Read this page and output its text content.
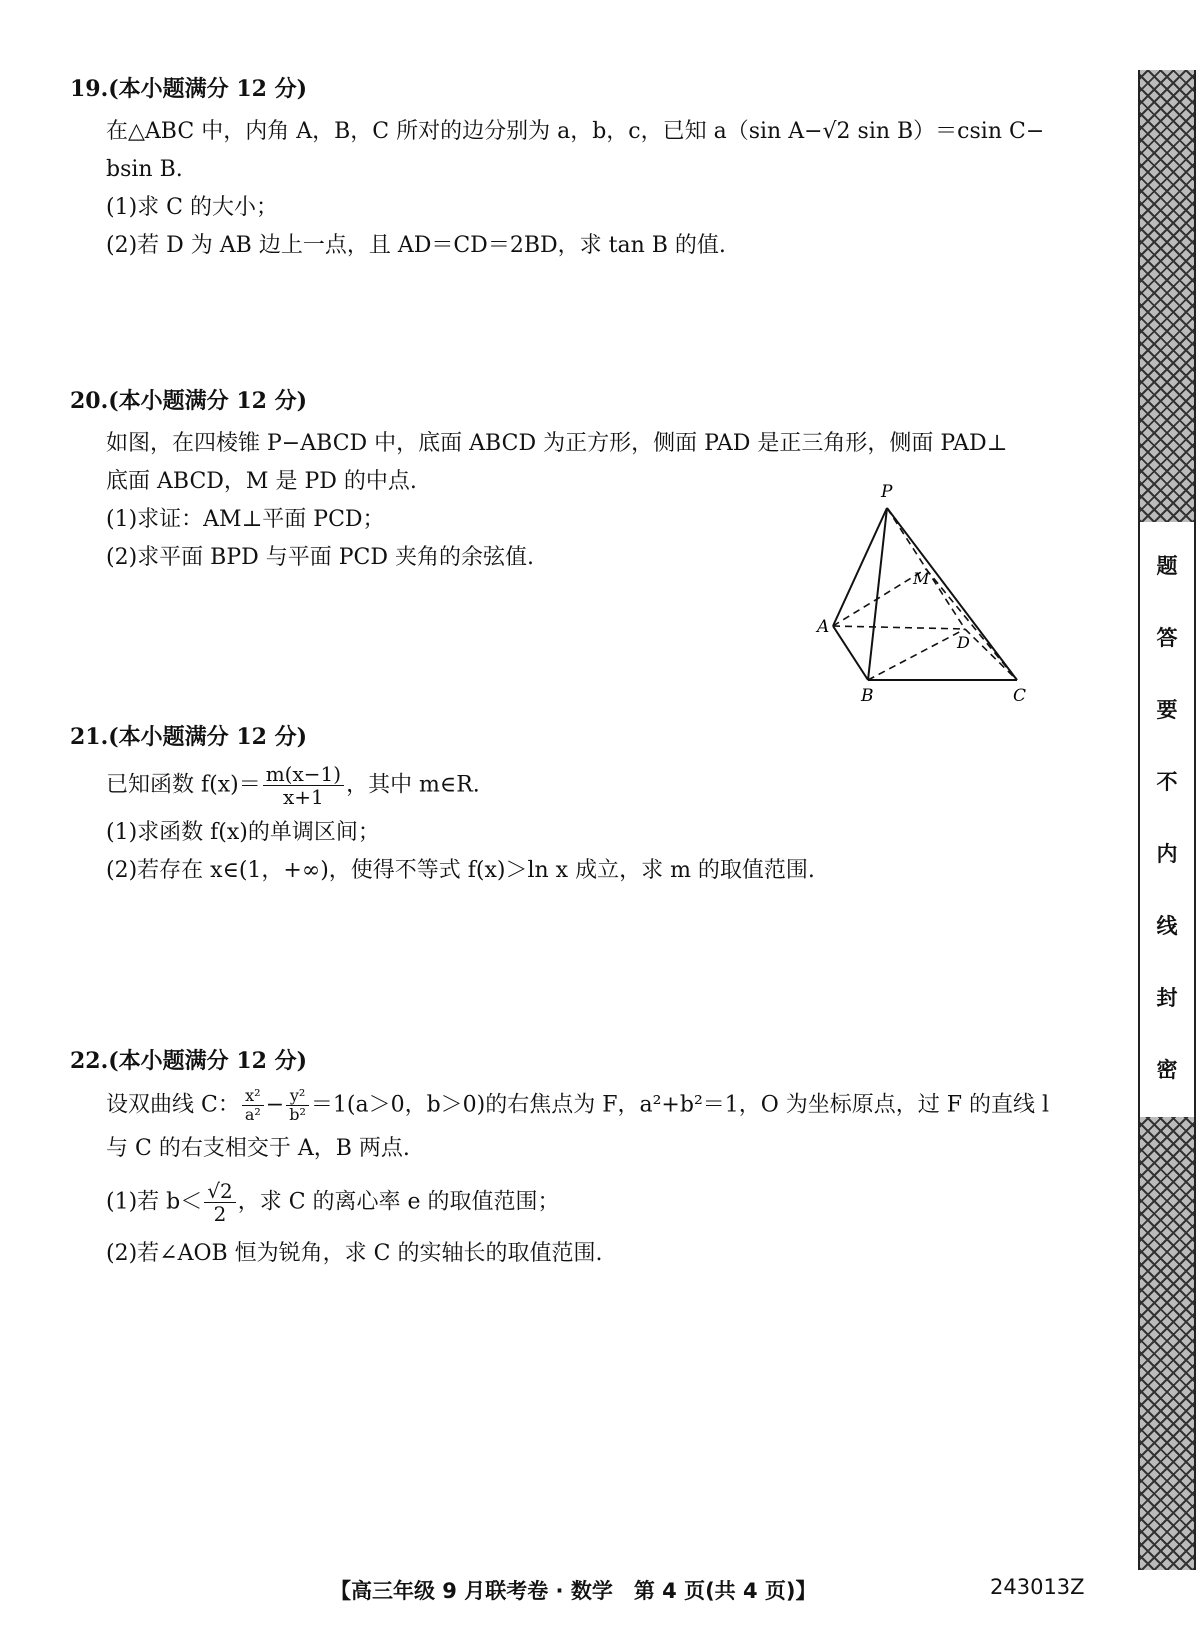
19.(本小题满分 12 分)
在△ABC 中，内角 A，B，C 所对的边分别为 a，b，c，已知 a（sin A−√2 sin B）＝csin C−
bsin B.
(1)求 C 的大小；
(2)若 D 为 AB 边上一点，且 AD＝CD＝2BD，求 tan B 的值.
20.(本小题满分 12 分)
如图，在四棱锥 P−ABCD 中，底面 ABCD 为正方形，侧面 PAD 是正三角形，侧面 PAD⊥
底面 ABCD，M 是 PD 的中点.
(1)求证：AM⊥平面 PCD；
(2)求平面 BPD 与平面 PCD 夹角的余弦值.
P
M
A
D
B	C
21.(本小题满分 12 分)
已知函数 $f(x)= \frac{m(x-1)}{x+1}$ ，其中 m∈R.
(1)求函数 f(x)的单调区间；
(2)若存在 x∈(1，+∞)，使得不等式 f(x)＞ln x 成立，求 m 的取值范围.
22.(本小题满分 12 分)
设双曲线 C： $\frac{\text{x²}}{\text{a²}} - \frac{\text{y²}}{\text{b²}} =1(a>0$，b＞0)的右焦点为 F，a²+b²＝1，O 为坐标原点，过 F 的直线 l
与 C 的右支相交于 A，B 两点.
(1)若 $b< \frac{√2}{2}$ ，求 C 的离心率 e 的取值范围；
(2)若∠AOB 恒为锐角，求 C 的实轴长的取值范围.
题
答
要
不
内
线
封
密
【高三年级 9 月联考卷 · 数学　第 4 页(共 4 页)】	243013Z
